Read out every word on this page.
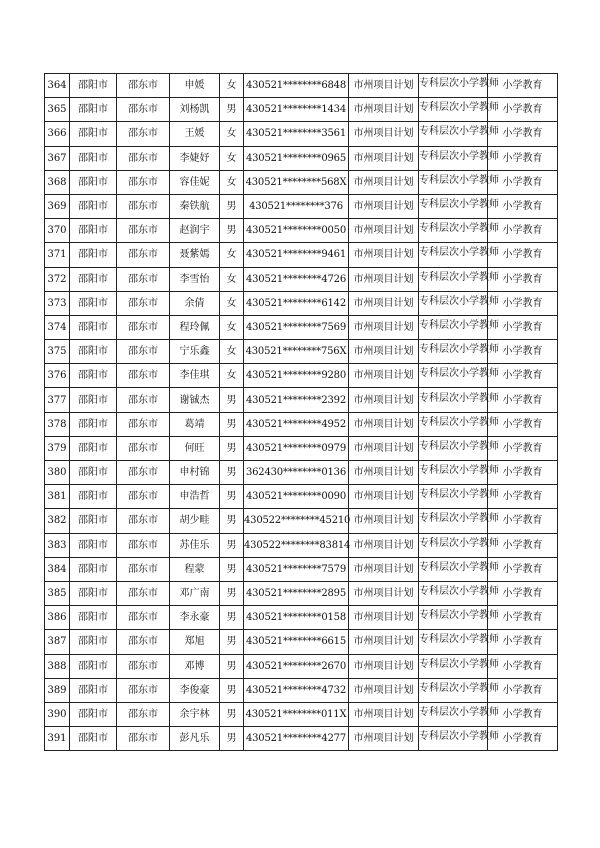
364	邵阳市	邵东市	申媛	女	430521********6848	市州项目计划	专科层次小学教师	小学教育
365	邵阳市	邵东市	刘杨凯	男	430521********1434	市州项目计划	专科层次小学教师	小学教育
366	邵阳市	邵东市	王媛	女	430521********3561	市州项目计划	专科层次小学教师	小学教育
367	邵阳市	邵东市	李婕妤	女	430521********0965	市州项目计划	专科层次小学教师	小学教育
368	邵阳市	邵东市	容佳妮	女	430521********568X	市州项目计划	专科层次小学教师	小学教育
369	邵阳市	邵东市	秦铁航	男	430521********376	市州项目计划	专科层次小学教师	小学教育
370	邵阳市	邵东市	赵润宇	男	430521********0050	市州项目计划	专科层次小学教师	小学教育
371	邵阳市	邵东市	聂紫嫣	女	430521********9461	市州项目计划	专科层次小学教师	小学教育
372	邵阳市	邵东市	李雪怡	女	430521********4726	市州项目计划	专科层次小学教师	小学教育
373	邵阳市	邵东市	余倩	女	430521********6142	市州项目计划	专科层次小学教师	小学教育
374	邵阳市	邵东市	程玲佩	女	430521********7569	市州项目计划	专科层次小学教师	小学教育
375	邵阳市	邵东市	宁乐鑫	女	430521********756X	市州项目计划	专科层次小学教师	小学教育
376	邵阳市	邵东市	李佳琪	女	430521********9280	市州项目计划	专科层次小学教师	小学教育
377	邵阳市	邵东市	谢铖杰	男	430521********2392	市州项目计划	专科层次小学教师	小学教育
378	邵阳市	邵东市	葛靖	男	430521********4952	市州项目计划	专科层次小学教师	小学教育
379	邵阳市	邵东市	何旺	男	430521********0979	市州项目计划	专科层次小学教师	小学教育
380	邵阳市	邵东市	申村锦	男	362430********0136	市州项目计划	专科层次小学教师	小学教育
381	邵阳市	邵东市	申浩哲	男	430521********0090	市州项目计划	专科层次小学教师	小学教育
382	邵阳市	邵东市	胡少畦	男	430522********45210	市州项目计划	专科层次小学教师	小学教育
383	邵阳市	邵东市	苏佳乐	男	430522********83814	市州项目计划	专科层次小学教师	小学教育
384	邵阳市	邵东市	程蒙	男	430521********7579	市州项目计划	专科层次小学教师	小学教育
385	邵阳市	邵东市	邓广南	男	430521********2895	市州项目计划	专科层次小学教师	小学教育
386	邵阳市	邵东市	李永豪	男	430521********0158	市州项目计划	专科层次小学教师	小学教育
387	邵阳市	邵东市	郑旭	男	430521********6615	市州项目计划	专科层次小学教师	小学教育
388	邵阳市	邵东市	邓博	男	430521********2670	市州项目计划	专科层次小学教师	小学教育
389	邵阳市	邵东市	李俊豪	男	430521********4732	市州项目计划	专科层次小学教师	小学教育
390	邵阳市	邵东市	余宇林	男	430521********011X	市州项目计划	专科层次小学教师	小学教育
391	邵阳市	邵东市	彭凡乐	男	430521********4277	市州项目计划	专科层次小学教师	小学教育
